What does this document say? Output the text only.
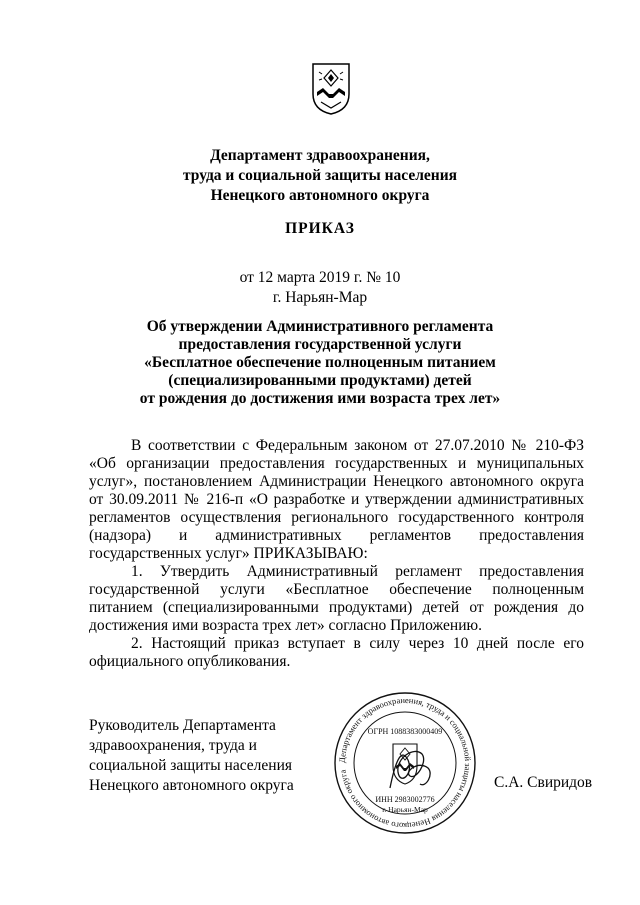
Департамент здравоохранения,
труда и социальной защиты населения
Ненецкого автономного округа
ПРИКАЗ
от 12 марта 2019 г. № 10
г. Нарьян-Мар
Об утверждении Административного регламента
предоставления государственной услуги
«Бесплатное обеспечение полноценным питанием
(специализированными продуктами) детей
от рождения до достижения ими возраста трех лет»

В соответствии с Федеральным законом от 27.07.2010 № 210-ФЗ «Об организации предоставления государственных и муниципальных услуг», постановлением Администрации Ненецкого автономного округа от 30.09.2011 № 216-п «О разработке и утверждении административных регламентов осуществления регионального государственного контроля (надзора) и административных регламентов предоставления государственных услуг» ПРИКАЗЫВАЮ:

1. Утвердить Административный регламент предоставления государственной услуги «Бесплатное обеспечение полноценным питанием (специализированными продуктами) детей от рождения до достижения ими возраста трех лет» согласно Приложению.

2. Настоящий приказ вступает в силу через 10 дней после его официального опубликования.

Руководитель Департамента
здравоохранения, труда и
социальной защиты населения
Ненецкого автономного округа
Департамент здравоохранения, труда и социальной защиты населения Ненецкого автономного округа
ОГРН 1088383000409
ИНН 2983002776
г. Нарьян-Мар
С.А. Свиридов
